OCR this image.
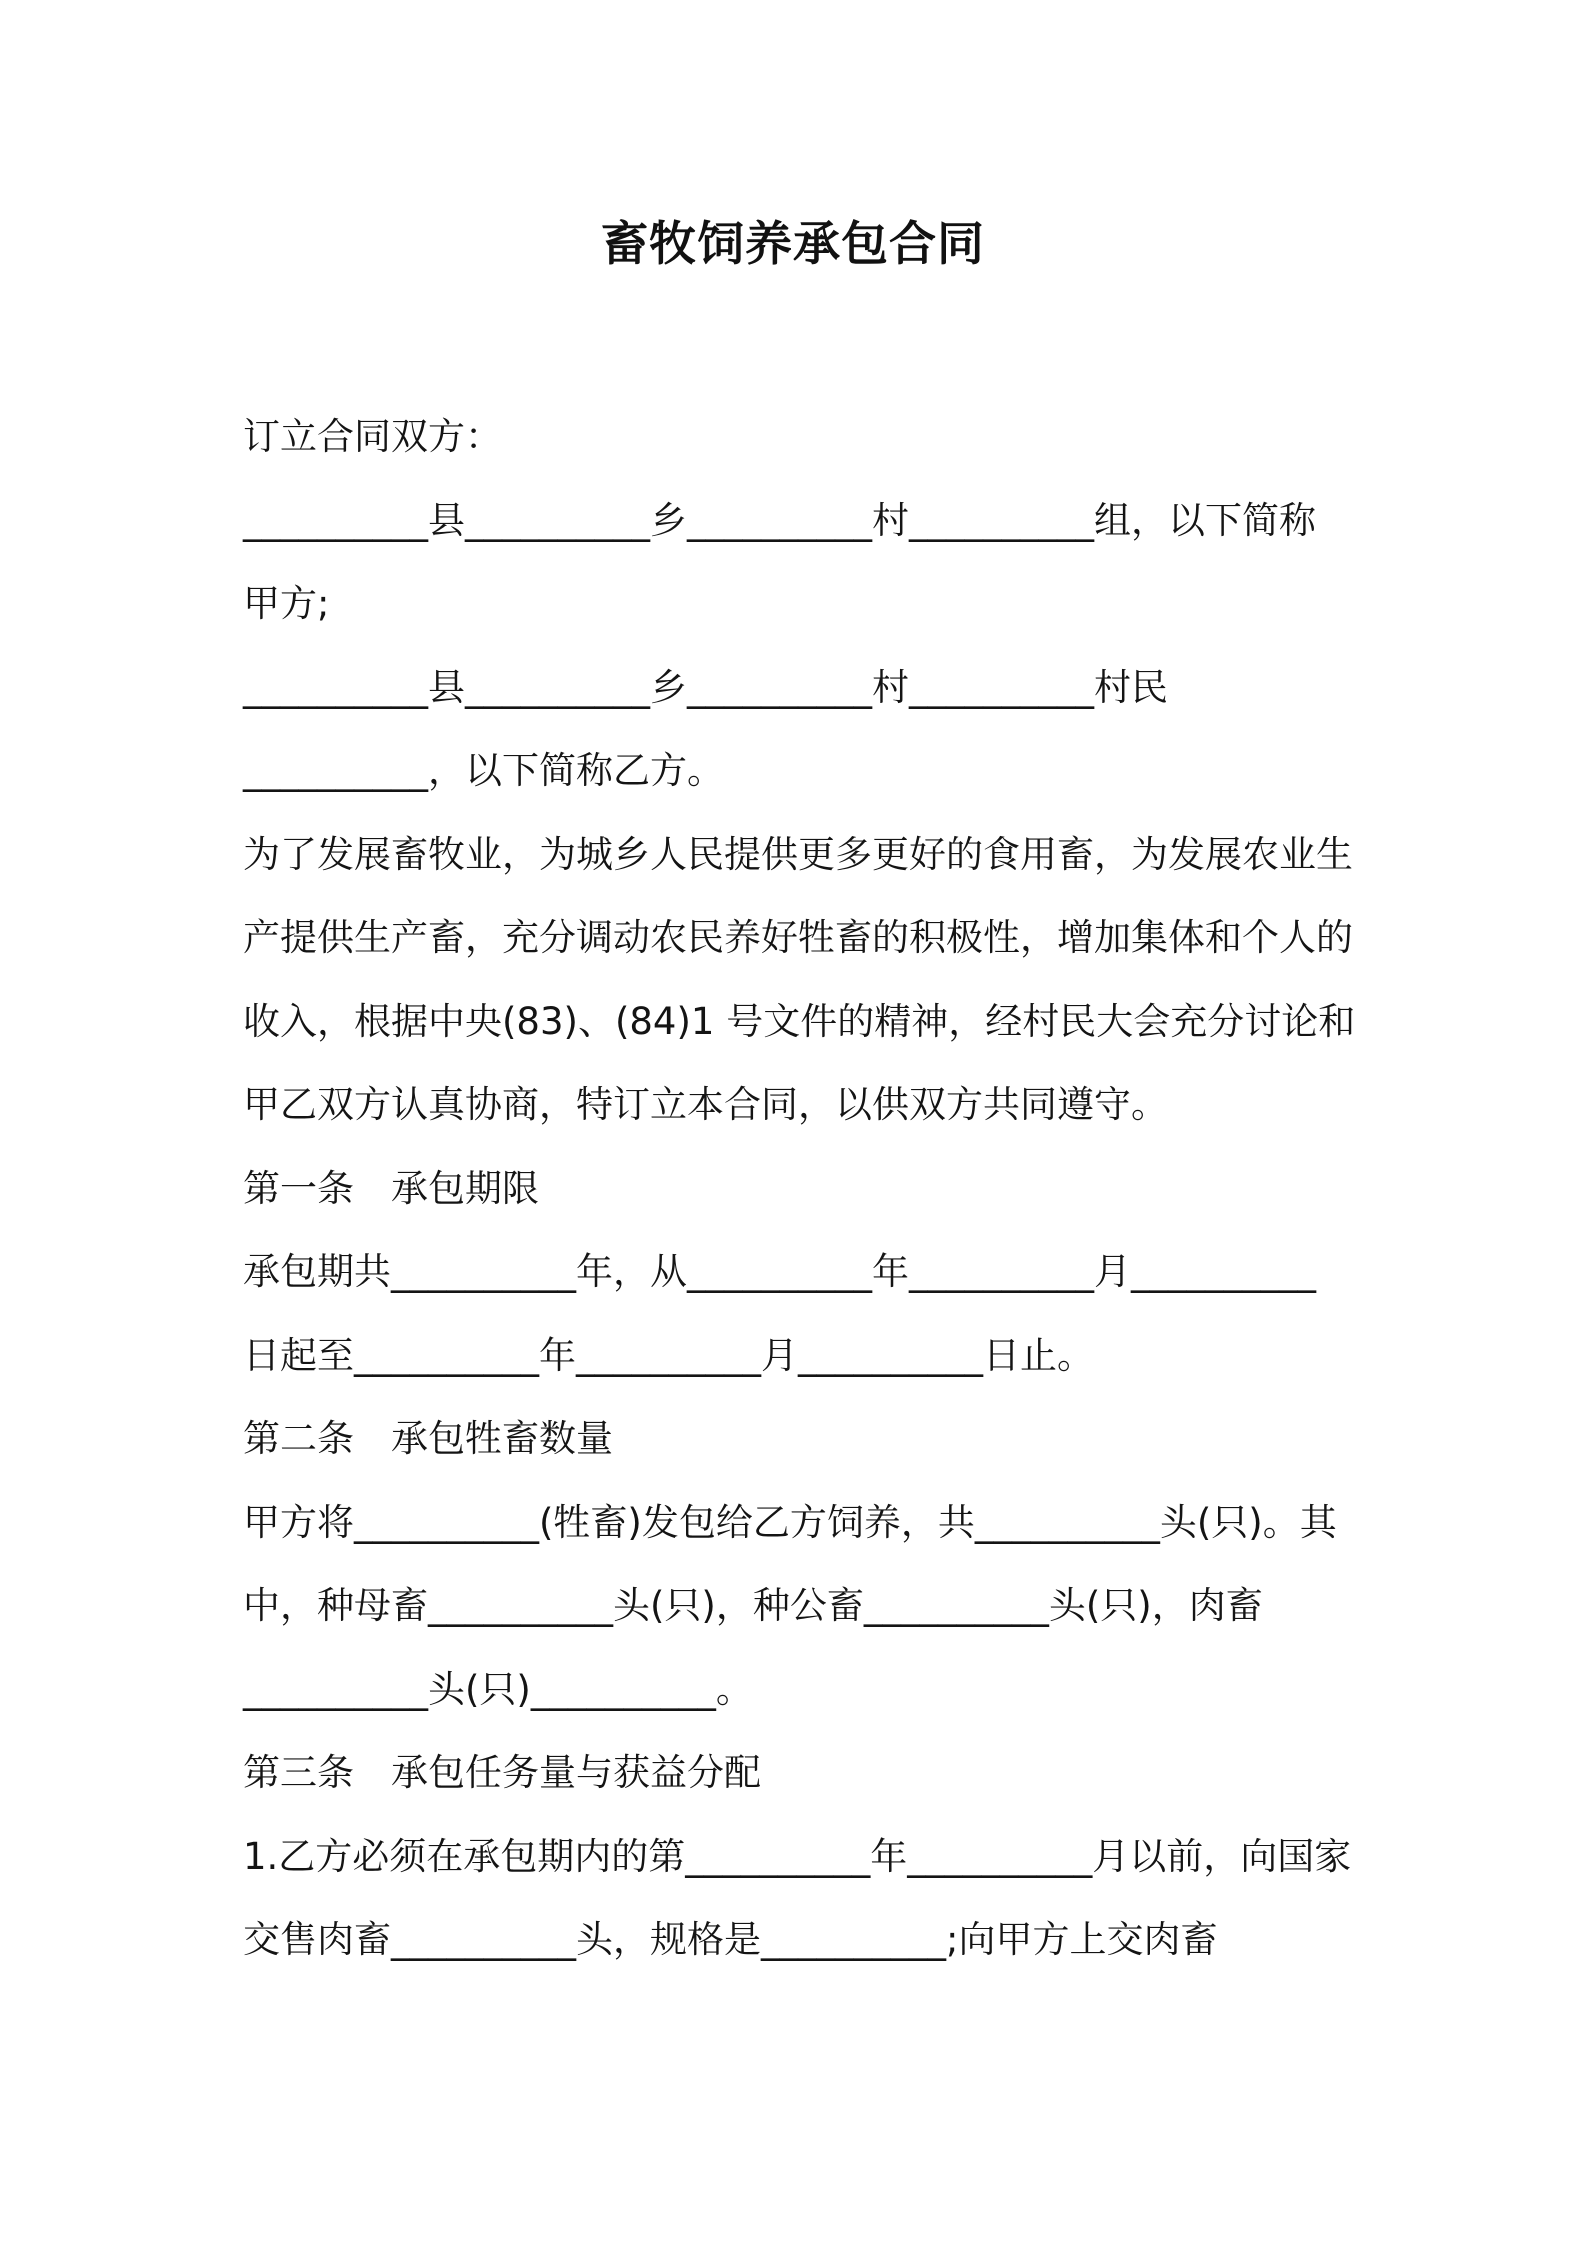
畜牧饲养承包合同
订立合同双方：
__________县__________乡__________村__________组，以下简称
甲方;
__________县__________乡__________村__________村民
__________，以下简称乙方。
为了发展畜牧业，为城乡人民提供更多更好的食用畜，为发展农业生
产提供生产畜，充分调动农民养好牲畜的积极性，增加集体和个人的
收入，根据中央(83)、(84)1 号文件的精神，经村民大会充分讨论和
甲乙双方认真协商，特订立本合同，以供双方共同遵守。
第一条　承包期限
承包期共__________年，从__________年__________月__________
日起至__________年__________月__________日止。
第二条　承包牲畜数量
甲方将__________(牲畜)发包给乙方饲养，共__________头(只)。其
中，种母畜__________头(只)，种公畜__________头(只)，肉畜
__________头(只)__________。
第三条　承包任务量与获益分配
1.乙方必须在承包期内的第__________年__________月以前，向国家
交售肉畜__________头，规格是__________;向甲方上交肉畜
